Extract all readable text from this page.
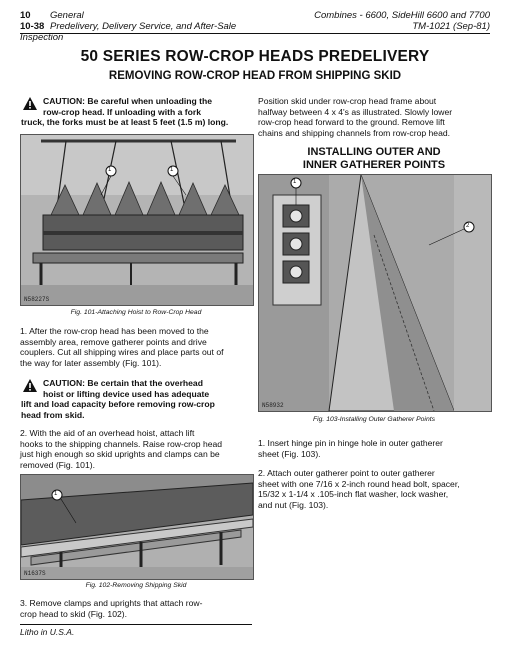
10 General
10-38 Predelivery, Delivery Service, and After-Sale Inspection
Combines - 6600, SideHill 6600 and 7700
TM-1021 (Sep-81)
50 SERIES ROW-CROP HEADS PREDELIVERY
REMOVING ROW-CROP HEAD FROM SHIPPING SKID
CAUTION: Be careful when unloading the
row-crop head. If unloading with a fork
truck, the forks must be at least 5 feet (1.5 m) long.
Position skid under row-crop head frame about
halfway between 4 x 4's as illustrated. Slowly lower
row-crop head forward to the ground. Remove lift
chains and shipping channels from row-crop head.
1	1
N58227S
Fig. 101-Attaching Hoist to Row-Crop Head
1. After the row-crop head has been moved to the
assembly area, remove gatherer points and drive
couplers. Cut all shipping wires and place parts out of
the way for later assembly (Fig. 101).
CAUTION: Be certain that the overhead
hoist or lifting device used has adequate
lift and load capacity before removing row-crop
head from skid.
2. With the aid of an overhead hoist, attach lift
hooks to the shipping channels. Raise row-crop head
just high enough so skid uprights and clamps can be
removed (Fig. 101).
1
N1637S
Fig. 102-Removing Shipping Skid
3. Remove clamps and uprights that attach row-
crop head to skid (Fig. 102).
Litho in U.S.A.
INSTALLING OUTER AND
INNER GATHERER POINTS
1
2
N58932
Fig. 103-Installing Outer Gatherer Points
1. Insert hinge pin in hinge hole in outer gatherer
sheet (Fig. 103).
2. Attach outer gatherer point to outer gatherer
sheet with one 7/16 x 2-inch round head bolt, spacer,
15/32 x 1-1/4 x .105-inch flat washer, lock washer,
and nut (Fig. 103).
